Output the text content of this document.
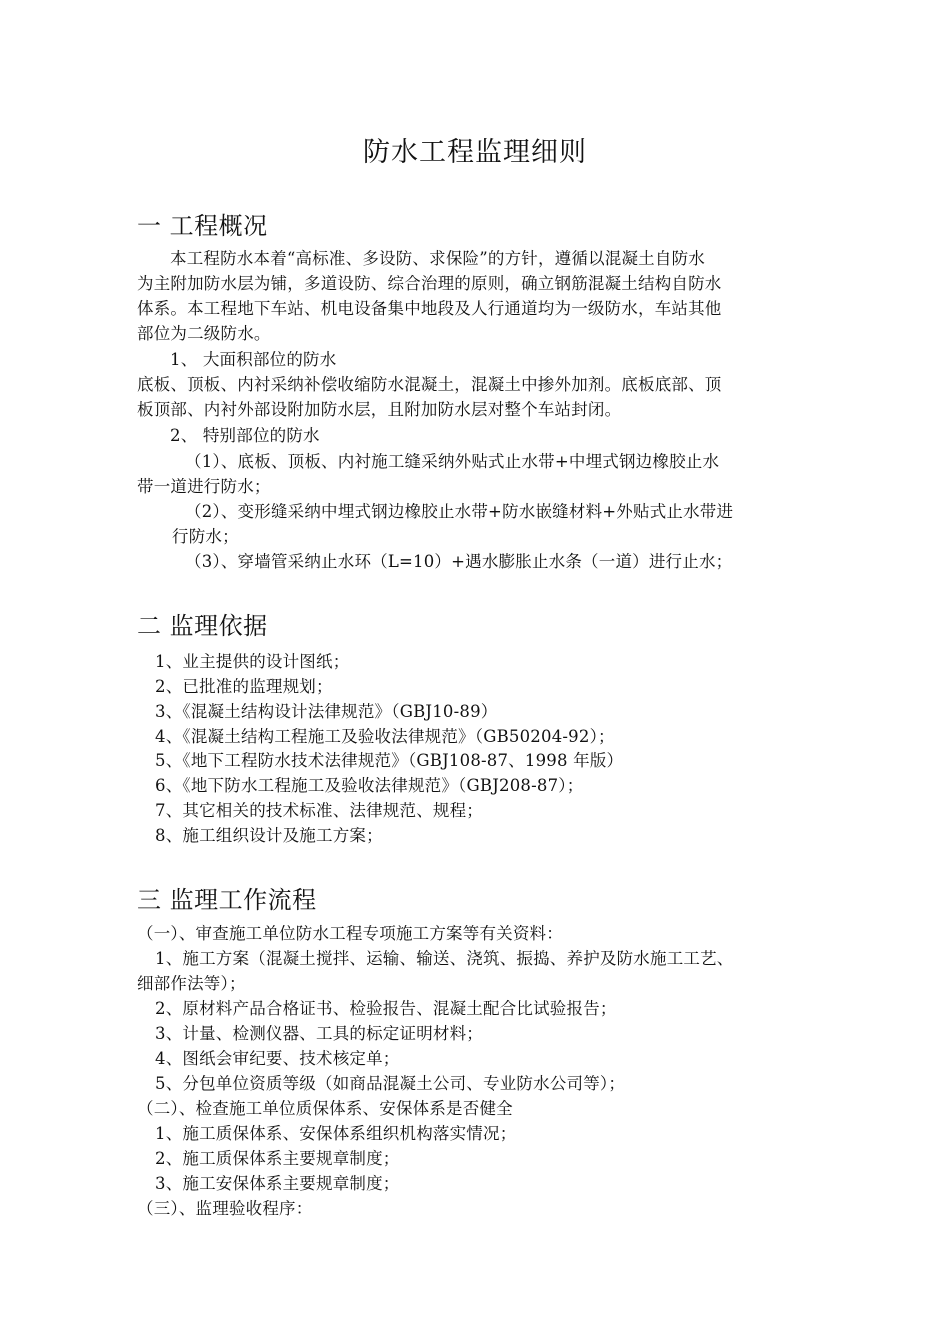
防水工程监理细则
一 工程概况
本工程防水本着“高标准、多设防、求保险”的方针，遵循以混凝土自防水
为主附加防水层为铺，多道设防、综合治理的原则，确立钢筋混凝土结构自防水
体系。本工程地下车站、机电设备集中地段及人行通道均为一级防水，车站其他
部位为二级防水。
1、 大面积部位的防水
底板、顶板、内衬采纳补偿收缩防水混凝土，混凝土中掺外加剂。底板底部、顶
板顶部、内衬外部设附加防水层，且附加防水层对整个车站封闭。
2、 特别部位的防水
（1）、底板、顶板、内衬施工缝采纳外贴式止水带+中埋式钢边橡胶止水
带一道进行防水；
（2）、变形缝采纳中埋式钢边橡胶止水带+防水嵌缝材料+外贴式止水带进
行防水；
（3）、穿墙管采纳止水环（L=10）+遇水膨胀止水条（一道）进行止水；
二 监理依据
1、业主提供的设计图纸；
2、已批准的监理规划；
3、《混凝土结构设计法律规范》（GBJ10-89）
4、《混凝土结构工程施工及验收法律规范》（GB50204-92）；
5、《地下工程防水技术法律规范》（GBJ108-87、1998 年版）
6、《地下防水工程施工及验收法律规范》（GBJ208-87）；
7、其它相关的技术标准、法律规范、规程；
8、施工组织设计及施工方案；
三 监理工作流程
（一）、审查施工单位防水工程专项施工方案等有关资料：
1、施工方案（混凝土搅拌、运输、输送、浇筑、振捣、养护及防水施工工艺、
细部作法等）；
2、原材料产品合格证书、检验报告、混凝土配合比试验报告；
3、计量、检测仪器、工具的标定证明材料；
4、图纸会审纪要、技术核定单；
5、分包单位资质等级（如商品混凝土公司、专业防水公司等）；
（二）、检查施工单位质保体系、安保体系是否健全
1、施工质保体系、安保体系组织机构落实情况；
2、施工质保体系主要规章制度；
3、施工安保体系主要规章制度；
（三）、监理验收程序：
